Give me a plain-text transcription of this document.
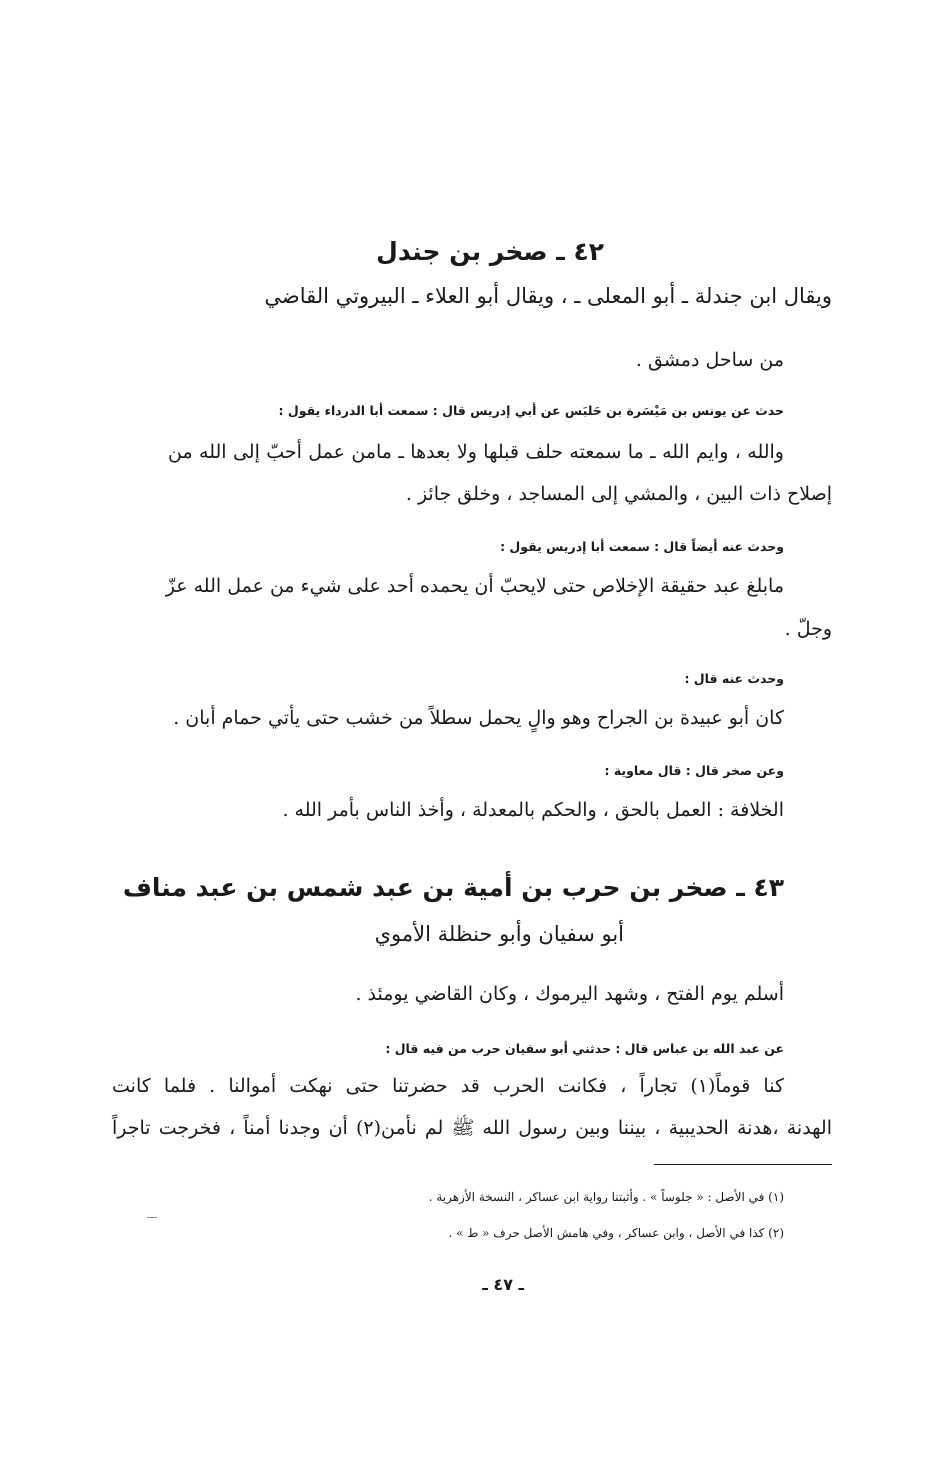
٤٢ ـ صخر بن جندل

ويقال ابن جندلة ـ أبو المعلى ـ ، ويقال أبو العلاء ـ البيروتي القاضي

من ساحل دمشق .

حدث عن يونس بن مَيْسَرة بن حَلبَس عن أبي إدريس قال : سمعت أبا الدرداء يقول :

والله ، وايم الله ـ ما سمعته حلف قبلها ولا بعدها ـ مامن عمل أحبّ إلى الله من

إصلاح ذات البين ، والمشي إلى المساجد ، وخلق جائز .

وحدث عنه أيضاً قال : سمعت أبا إدريس يقول :

مابلغ عبد حقيقة الإخلاص حتى لايحبّ أن يحمده أحد على شيء من عمل الله عزّ

وجلّ .

وحدث عنه قال :

كان أبو عبيدة بن الجراح وهو والٍ يحمل سطلاً من خشب حتى يأتي حمام أبان .

وعن صخر قال : قال معاوية :

الخلافة : العمل بالحق ، والحكم بالمعدلة ، وأخذ الناس بأمر الله .

٤٣ ـ صخر بن حرب بن أمية بن عبد شمس بن عبد مناف

أبو سفيان وأبو حنظلة الأموي

أسلم يوم الفتح ، وشهد اليرموك ، وكان القاضي يومئذ .

عن عبد الله بن عباس قال : حدثني أبو سفيان حرب من فيه قال :

كنا قوماً(١) تجاراً ، فكانت الحرب قد حضرتنا حتى نهكت أموالنا . فلما كانت

الهدنة ،هدنة الحديبية ، بيننا وبين رسول الله ﷺ لم نأمن(٢) أن وجدنا أمناً ، فخرجت تاجراً

(١) في الأصل : « جلوساً » . وأثبتنا رواية ابن عساكر ، النسخة الأزهرية .

(٢) كذا في الأصل ، وابن عساكر ، وفي هامش الأصل حرف « ط » .

ـ ٤٧ ـ
